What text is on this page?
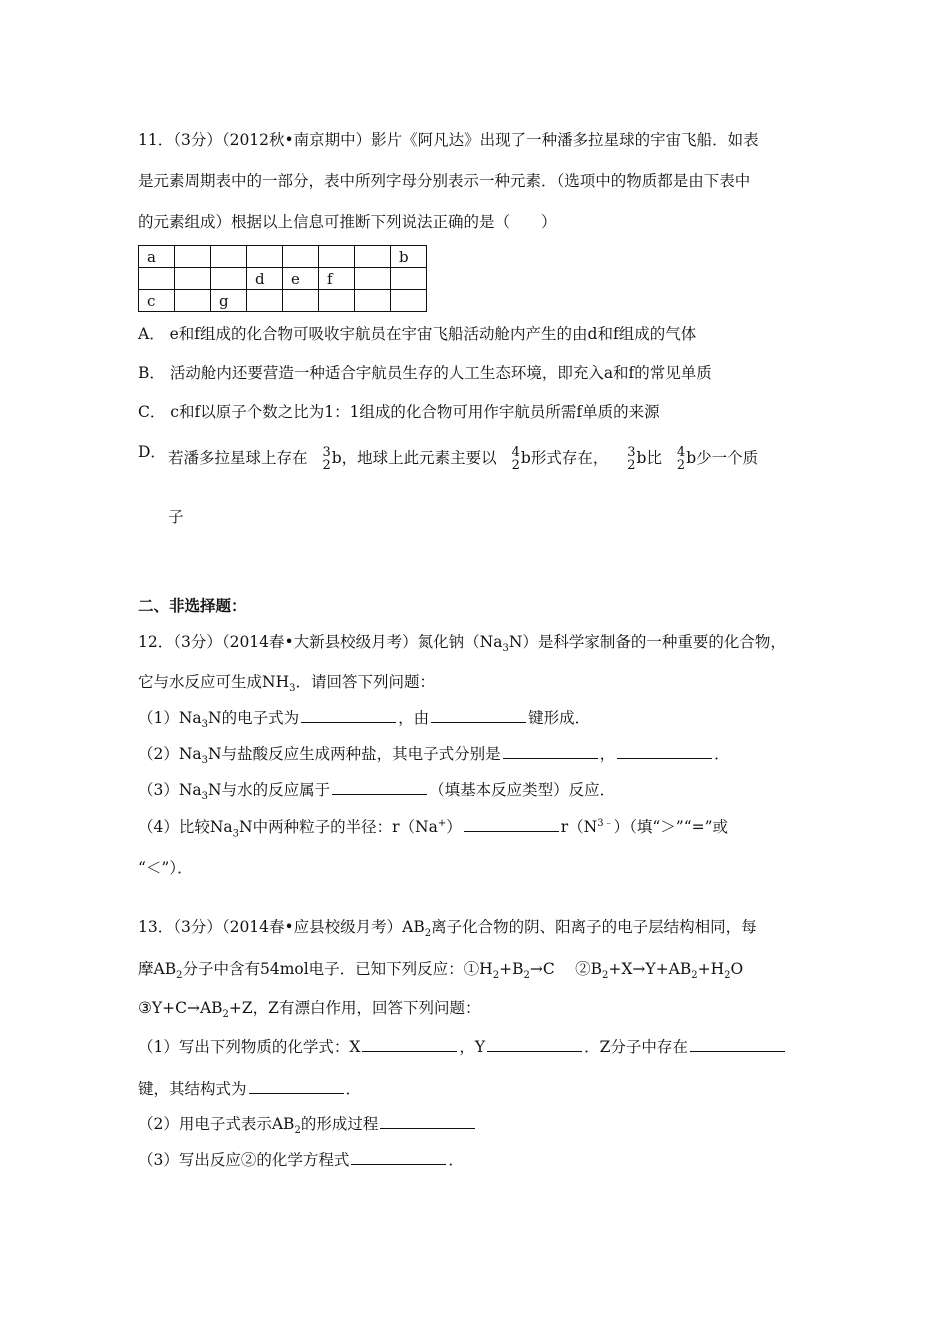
11．（3分）（2012秋•南京期中）影片《阿凡达》出现了一种潘多拉星球的宇宙飞船．如表
是元素周期表中的一部分，表中所列字母分别表示一种元素．（选项中的物质都是由下表中
的元素组成）根据以上信息可推断下列说法正确的是（　　）
a							b
			d	e	f		
c		g					
A． e和f组成的化合物可吸收宇航员在宇宙飞船活动舱内产生的由d和f组成的气体
B． 活动舱内还要营造一种适合宇航员生存的人工生态环境，即充入a和f的常见单质
C． c和f以原子个数之比为1：1组成的化合物可用作宇航员所需f单质的来源
D． 若潘多拉星球上存在 3
2 b，地球上此元素主要以 4
2 b形式存在， 3
2 b比 4
2 b少一个质
子
二、非选择题：
12．（3分）（2014春•大新县校级月考）氮化钠$(Na_3N)$是科学家制备的一种重要的化合物，
它与水反应可生成$NH_3$．请回答下列问题：
$(1)Na_3N$的电子式为	，由	键形成．
$(2)Na_3N$与盐酸反应生成两种盐，其电子式分别是	，	．
$(3)Na_3N$与水的反应属于	（填基本反应类型）反应．
（4）比较$Na_3N$中两种粒子的半径：r（Na+）	$r(N^{3﹣})$（填“＞”“=”或
“＜”）．
13．（3分）（2014春•应县校级月考）$AB_2$离子化合物的阴、阳离子的电子层结构相同，每
摩$AB_2$分子中含有54mol电子．已知下列反应：$①H_2+B_2\to C$　 $②B_2+X\to Y+AB_2+H_2O$
$③Y+C\to AB_2+Z$，Z有漂白作用，回答下列问题：
（1）写出下列物质的化学式：X	，Y	．Z分子中存在
键，其结构式为	．
（2）用电子式表示$AB_2$的形成过程
（3）写出反应②的化学方程式	．
